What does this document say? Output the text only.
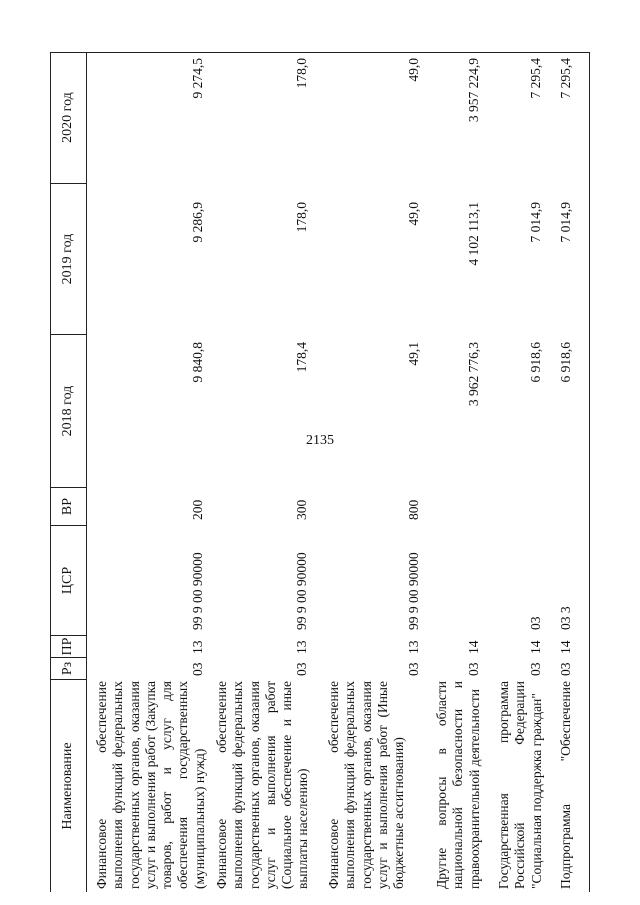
2135
Наименование
Рз
ПР
ЦСР
ВР
2018 год
2019 год
2020 год
Финансовое обеспечение выполнения функций федеральных государственных органов, оказания услуг и выполнения работ (Закупка товаров, работ и услуг для обеспечения государственных (муниципальных) нужд)
03
13
99 9 00 90000
200
9 840,8
9 286,9
9 274,5
Финансовое обеспечение выполнения функций федеральных государственных органов, оказания услуг и выполнения работ (Социальное обеспечение и иные выплаты населению)
03
13
99 9 00 90000
300
178,4
178,0
178,0
Финансовое обеспечение выполнения функций федеральных государственных органов, оказания услуг и выполнения работ (Иные бюджетные ассигнования)
03
13
99 9 00 90000
800
49,1
49,0
49,0
Другие вопросы в области национальной безопасности и правоохранительной деятельности
03
14
3 962 776,3
4 102 113,1
3 957 224,9
Государственная программа Российской Федерации "Социальная поддержка граждан"
03
14
03
6 918,6
7 014,9
7 295,4
Подпрограмма "Обеспечение
03
14
03 3
6 918,6
7 014,9
7 295,4
